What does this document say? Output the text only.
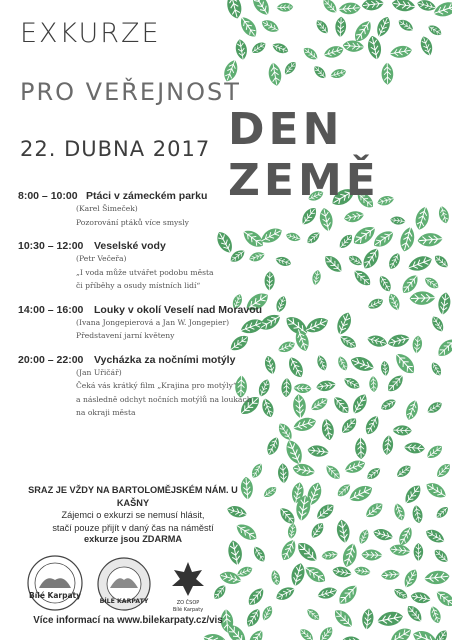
EXKURZE
PRO VEŘEJNOST
22. DUBNA 2017 DEN ZEMĚ
8:00 – 10:00 Ptáci v zámeckém parku
(Karel Šimeček)
Pozorování ptáků více smysly
10:30 – 12:00 Veselské vody
(Petr Večeřa)
„I voda může utvářet podobu města
či příběhy a osudy místních lidí“
14:00 – 16:00 Louky v okolí Veselí nad Moravou
(Ivana Jongepierová a Jan W. Jongepier)
Představení jarní květeny
20:00 – 22:00 Vycházka za nočními motýly
(Jan Uřičář)
Čeká vás krátký film „Krajina pro motýly“
a následně odchyt nočních motýlů na loukách
na okraji města
SRAZ JE VŽDY NA BARTOLOMĚJSKÉM NÁM. U KAŠNY
Zájemci o exkurzi se nemusí hlásit,
stačí pouze přijít v daný čas na náměstí
exkurze jsou ZDARMA
Bílé Karpaty
BÍLÉ KARPATY	ZO ČSOP
Bílé Karpaty
Více informací na www.bilekarpaty.cz/vis
